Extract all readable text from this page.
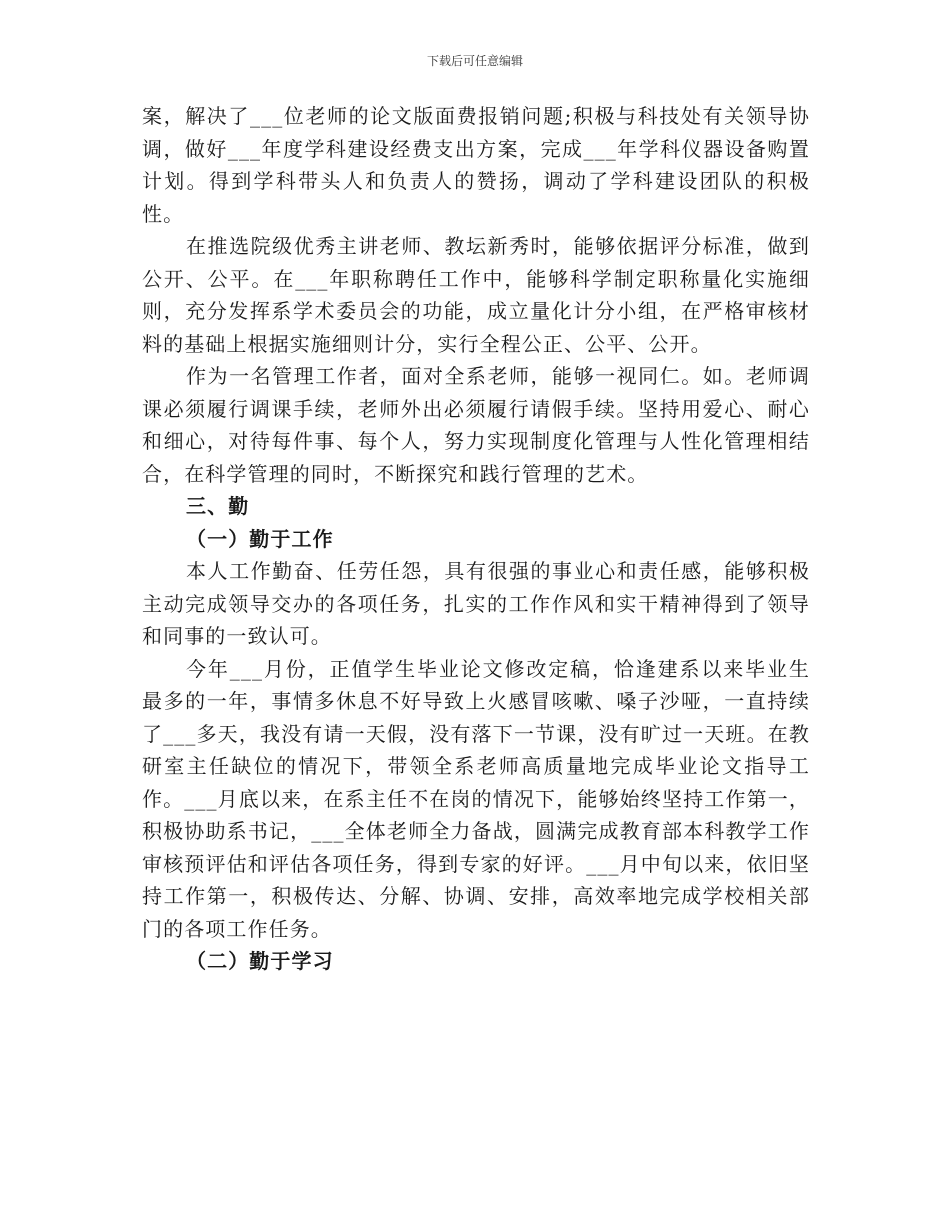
下载后可任意编辑

案，解决了___位老师的论文版面费报销问题;积极与科技处有关领导协调，做好___年度学科建设经费支出方案，完成___年学科仪器设备购置计划。得到学科带头人和负责人的赞扬，调动了学科建设团队的积极性。

在推选院级优秀主讲老师、教坛新秀时，能够依据评分标准，做到公开、公平。在___年职称聘任工作中，能够科学制定职称量化实施细则，充分发挥系学术委员会的功能，成立量化计分小组，在严格审核材料的基础上根据实施细则计分，实行全程公正、公平、公开。

作为一名管理工作者，面对全系老师，能够一视同仁。如。老师调课必须履行调课手续，老师外出必须履行请假手续。坚持用爱心、耐心和细心，对待每件事、每个人，努力实现制度化管理与人性化管理相结合，在科学管理的同时，不断探究和践行管理的艺术。

三、勤

（一）勤于工作

本人工作勤奋、任劳任怨，具有很强的事业心和责任感，能够积极主动完成领导交办的各项任务，扎实的工作作风和实干精神得到了领导和同事的一致认可。

今年___月份，正值学生毕业论文修改定稿，恰逢建系以来毕业生最多的一年，事情多休息不好导致上火感冒咳嗽、嗓子沙哑，一直持续了___多天，我没有请一天假，没有落下一节课，没有旷过一天班。在教研室主任缺位的情况下，带领全系老师高质量地完成毕业论文指导工作。___月底以来，在系主任不在岗的情况下，能够始终坚持工作第一，积极协助系书记，___全体老师全力备战，圆满完成教育部本科教学工作审核预评估和评估各项任务，得到专家的好评。___月中旬以来，依旧坚持工作第一，积极传达、分解、协调、安排，高效率地完成学校相关部门的各项工作任务。

（二）勤于学习
